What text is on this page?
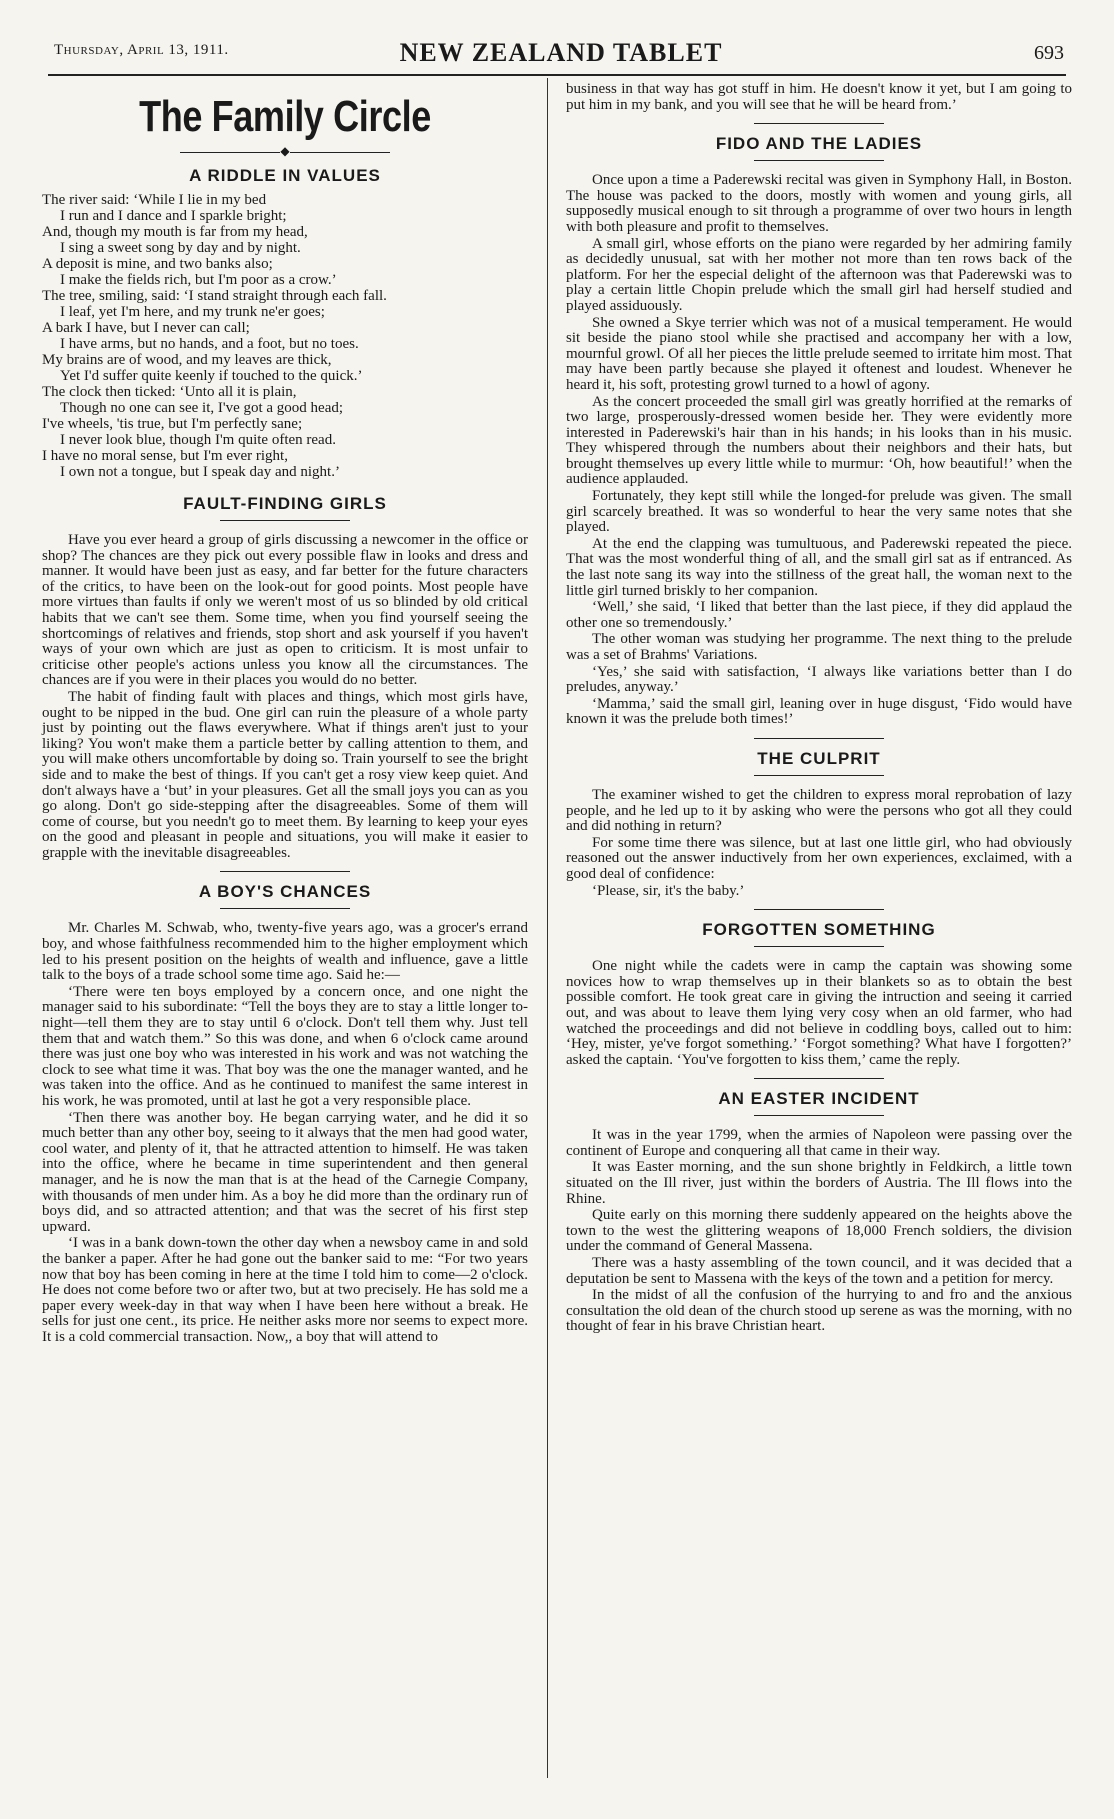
Thursday, April 13, 1911.	NEW ZEALAND TABLET	693
The Family Circle
◆
A RIDDLE IN VALUES
The river said: ‘While I lie in my bed
I run and I dance and I sparkle bright;
And, though my mouth is far from my head,
I sing a sweet song by day and by night.
A deposit is mine, and two banks also;
I make the fields rich, but I'm poor as a crow.’
The tree, smiling, said: ‘I stand straight through each fall.
I leaf, yet I'm here, and my trunk ne'er goes;
A bark I have, but I never can call;
I have arms, but no hands, and a foot, but no toes.
My brains are of wood, and my leaves are thick,
Yet I'd suffer quite keenly if touched to the quick.’
The clock then ticked: ‘Unto all it is plain,
Though no one can see it, I've got a good head;
I've wheels, 'tis true, but I'm perfectly sane;
I never look blue, though I'm quite often read.
I have no moral sense, but I'm ever right,
I own not a tongue, but I speak day and night.’
FAULT-FINDING GIRLS

Have you ever heard a group of girls discussing a newcomer in the office or shop? The chances are they pick out every possible flaw in looks and dress and manner. It would have been just as easy, and far better for the future characters of the critics, to have been on the look-out for good points. Most people have more virtues than faults if only we weren't most of us so blinded by old critical habits that we can't see them. Some time, when you find yourself seeing the shortcomings of relatives and friends, stop short and ask yourself if you haven't ways of your own which are just as open to criticism. It is most unfair to criticise other people's actions unless you know all the circumstances. The chances are if you were in their places you would do no better.

The habit of finding fault with places and things, which most girls have, ought to be nipped in the bud. One girl can ruin the pleasure of a whole party just by pointing out the flaws everywhere. What if things aren't just to your liking? You won't make them a particle better by calling attention to them, and you will make others uncomfortable by doing so. Train yourself to see the bright side and to make the best of things. If you can't get a rosy view keep quiet. And don't always have a ‘but’ in your pleasures. Get all the small joys you can as you go along. Don't go side-stepping after the disagreeables. Some of them will come of course, but you needn't go to meet them. By learning to keep your eyes on the good and pleasant in people and situations, you will make it easier to grapple with the inevitable disagreeables.

A BOY'S CHANCES

Mr. Charles M. Schwab, who, twenty-five years ago, was a grocer's errand boy, and whose faithfulness recommended him to the higher employment which led to his present position on the heights of wealth and influence, gave a little talk to the boys of a trade school some time ago. Said he:—

‘There were ten boys employed by a concern once, and one night the manager said to his subordinate: “Tell the boys they are to stay a little longer to-night—tell them they are to stay until 6 o'clock. Don't tell them why. Just tell them that and watch them.” So this was done, and when 6 o'clock came around there was just one boy who was interested in his work and was not watching the clock to see what time it was. That boy was the one the manager wanted, and he was taken into the office. And as he continued to manifest the same interest in his work, he was promoted, until at last he got a very responsible place.

‘Then there was another boy. He began carrying water, and he did it so much better than any other boy, seeing to it always that the men had good water, cool water, and plenty of it, that he attracted attention to himself. He was taken into the office, where he became in time superintendent and then general manager, and he is now the man that is at the head of the Carnegie Company, with thousands of men under him. As a boy he did more than the ordinary run of boys did, and so attracted attention; and that was the secret of his first step upward.

‘I was in a bank down-town the other day when a newsboy came in and sold the banker a paper. After he had gone out the banker said to me: “For two years now that boy has been coming in here at the time I told him to come—2 o'clock. He does not come before two or after two, but at two precisely. He has sold me a paper every week-day in that way when I have been here without a break. He sells for just one cent., its price. He neither asks more nor seems to expect more. It is a cold commercial transaction. Now,, a boy that will attend to

business in that way has got stuff in him. He doesn't know it yet, but I am going to put him in my bank, and you will see that he will be heard from.’

FIDO AND THE LADIES

Once upon a time a Paderewski recital was given in Symphony Hall, in Boston. The house was packed to the doors, mostly with women and young girls, all supposedly musical enough to sit through a programme of over two hours in length with both pleasure and profit to themselves.

A small girl, whose efforts on the piano were regarded by her admiring family as decidedly unusual, sat with her mother not more than ten rows back of the platform. For her the especial delight of the afternoon was that Paderewski was to play a certain little Chopin prelude which the small girl had herself studied and played assiduously.

She owned a Skye terrier which was not of a musical temperament. He would sit beside the piano stool while she practised and accompany her with a low, mournful growl. Of all her pieces the little prelude seemed to irritate him most. That may have been partly because she played it oftenest and loudest. Whenever he heard it, his soft, protesting growl turned to a howl of agony.

As the concert proceeded the small girl was greatly horrified at the remarks of two large, prosperously-dressed women beside her. They were evidently more interested in Paderewski's hair than in his hands; in his looks than in his music. They whispered through the numbers about their neighbors and their hats, but brought themselves up every little while to murmur: ‘Oh, how beautiful!’ when the audience applauded.

Fortunately, they kept still while the longed-for prelude was given. The small girl scarcely breathed. It was so wonderful to hear the very same notes that she played.

At the end the clapping was tumultuous, and Paderewski repeated the piece. That was the most wonderful thing of all, and the small girl sat as if entranced. As the last note sang its way into the stillness of the great hall, the woman next to the little girl turned briskly to her companion.

‘Well,’ she said, ‘I liked that better than the last piece, if they did applaud the other one so tremendously.’

The other woman was studying her programme. The next thing to the prelude was a set of Brahms' Variations.

‘Yes,’ she said with satisfaction, ‘I always like variations better than I do preludes, anyway.’

‘Mamma,’ said the small girl, leaning over in huge disgust, ‘Fido would have known it was the prelude both times!’

THE CULPRIT

The examiner wished to get the children to express moral reprobation of lazy people, and he led up to it by asking who were the persons who got all they could and did nothing in return?

For some time there was silence, but at last one little girl, who had obviously reasoned out the answer inductively from her own experiences, exclaimed, with a good deal of confidence:

‘Please, sir, it's the baby.’

FORGOTTEN SOMETHING

One night while the cadets were in camp the captain was showing some novices how to wrap themselves up in their blankets so as to obtain the best possible comfort. He took great care in giving the intruction and seeing it carried out, and was about to leave them lying very cosy when an old farmer, who had watched the proceedings and did not believe in coddling boys, called out to him: ‘Hey, mister, ye've forgot something.’ ‘Forgot something? What have I forgotten?’ asked the captain. ‘You've forgotten to kiss them,’ came the reply.

AN EASTER INCIDENT

It was in the year 1799, when the armies of Napoleon were passing over the continent of Europe and conquering all that came in their way.

It was Easter morning, and the sun shone brightly in Feldkirch, a little town situated on the Ill river, just within the borders of Austria. The Ill flows into the Rhine.

Quite early on this morning there suddenly appeared on the heights above the town to the west the glittering weapons of 18,000 French soldiers, the division under the command of General Massena.

There was a hasty assembling of the town council, and it was decided that a deputation be sent to Massena with the keys of the town and a petition for mercy.

In the midst of all the confusion of the hurrying to and fro and the anxious consultation the old dean of the church stood up serene as was the morning, with no thought of fear in his brave Christian heart.
